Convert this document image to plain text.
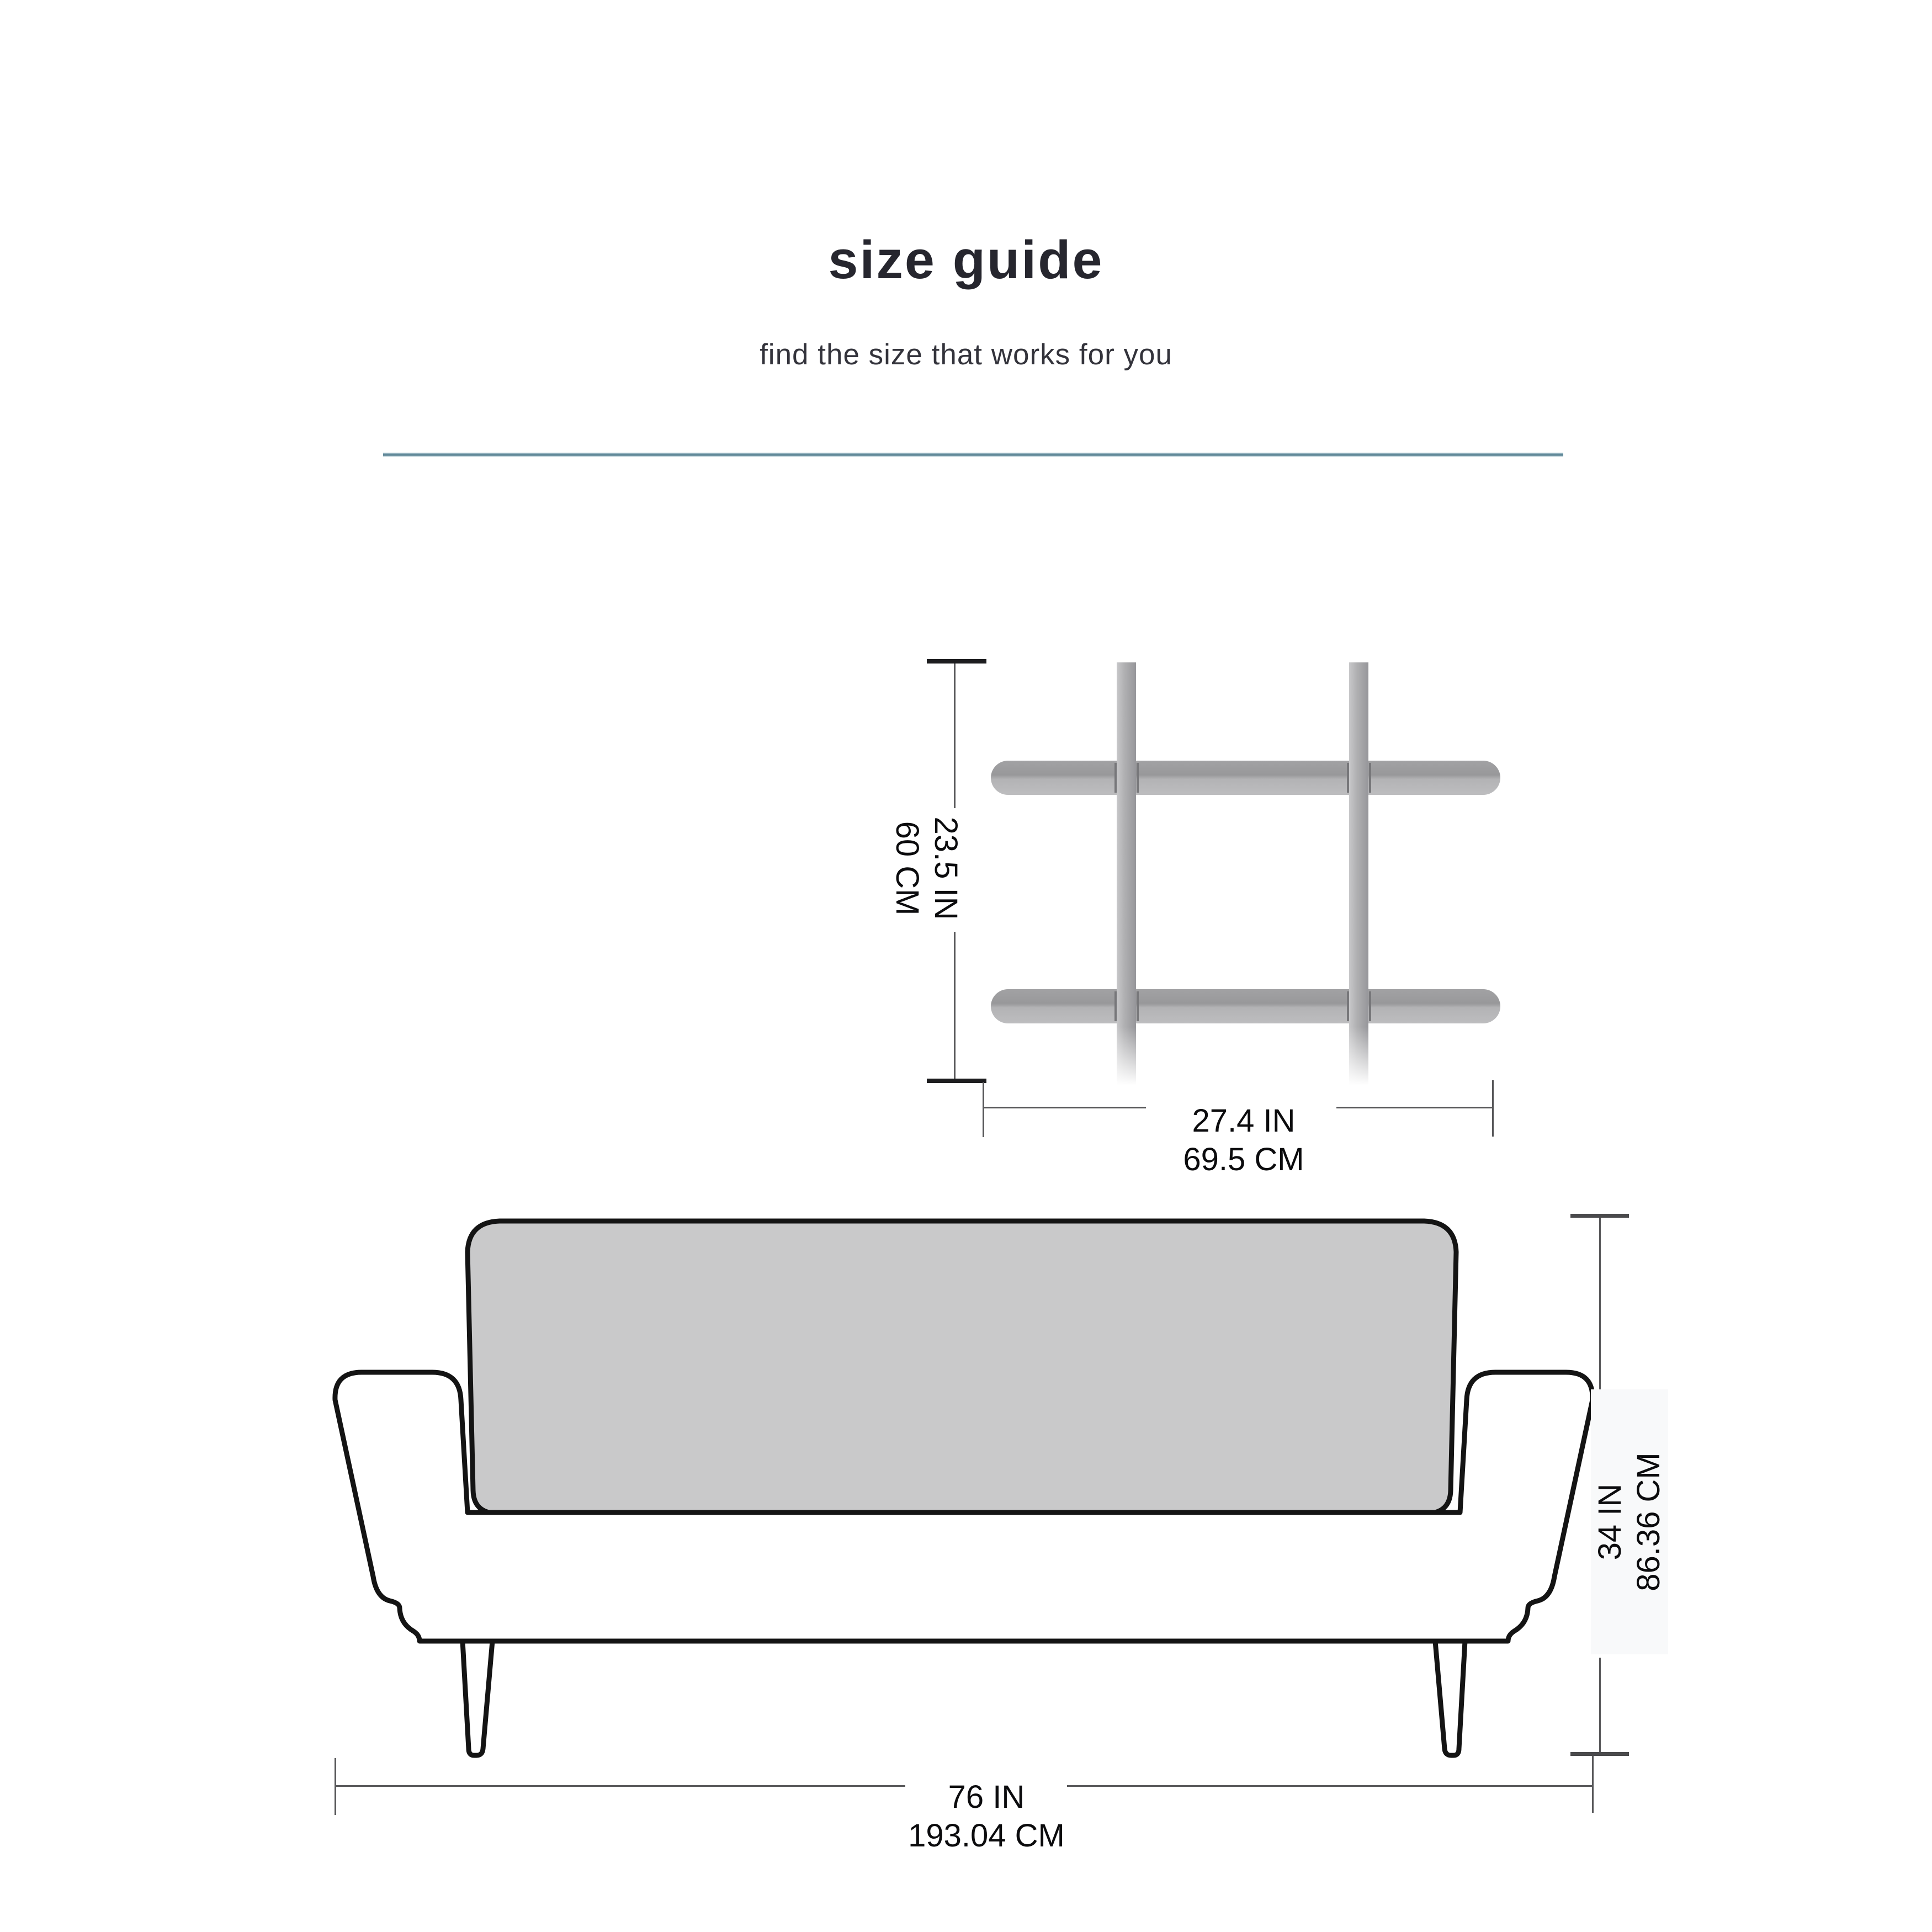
size guide
find the size that works for you
23.5 IN
60 CM
27.4 IN
69.5 CM
34 IN 86.36 CM
76 IN
193.04 CM
